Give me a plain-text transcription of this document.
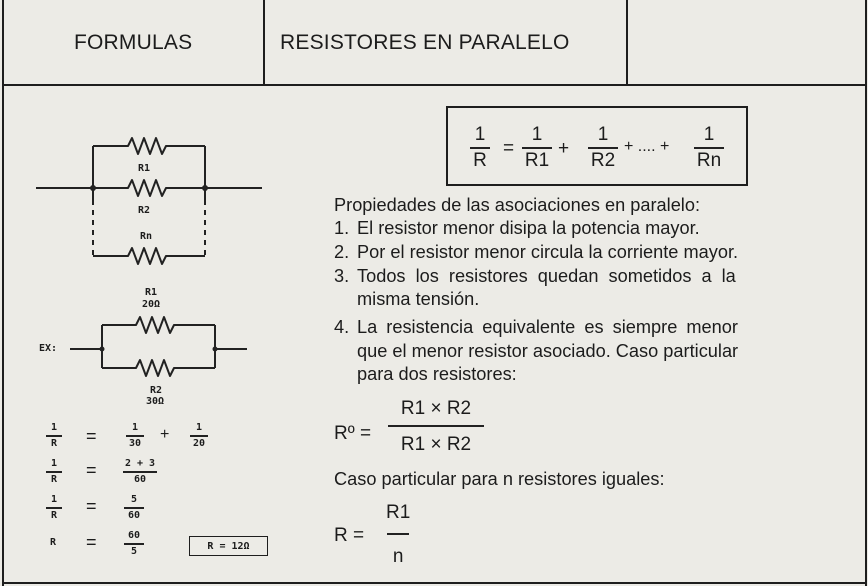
FORMULAS	RESISTORES EN PARALELO
R1
R2
Rn
R1
20Ω
EX:
R2
30Ω
1
R =	1
30 +	1
20
1
R =	2 + 3
60
1
R =	5
60
R =	60
5	R = 12Ω
1
R
=
1
R1
+
1
R2
+ .... +
1
Rn
Propiedades de las asociaciones en paralelo:
1. El resistor menor disipa la potencia mayor.
2. Por el resistor menor circula la corriente mayor.
3. Todos los resistores quedan sometidos a la
misma tensión.
4. La resistencia equivalente es siempre menor
que el menor resistor asociado. Caso particular
para dos resistores:
Rº =
R1 × R2
R1 × R2
Caso particular para n resistores iguales:
R =
R1
n
